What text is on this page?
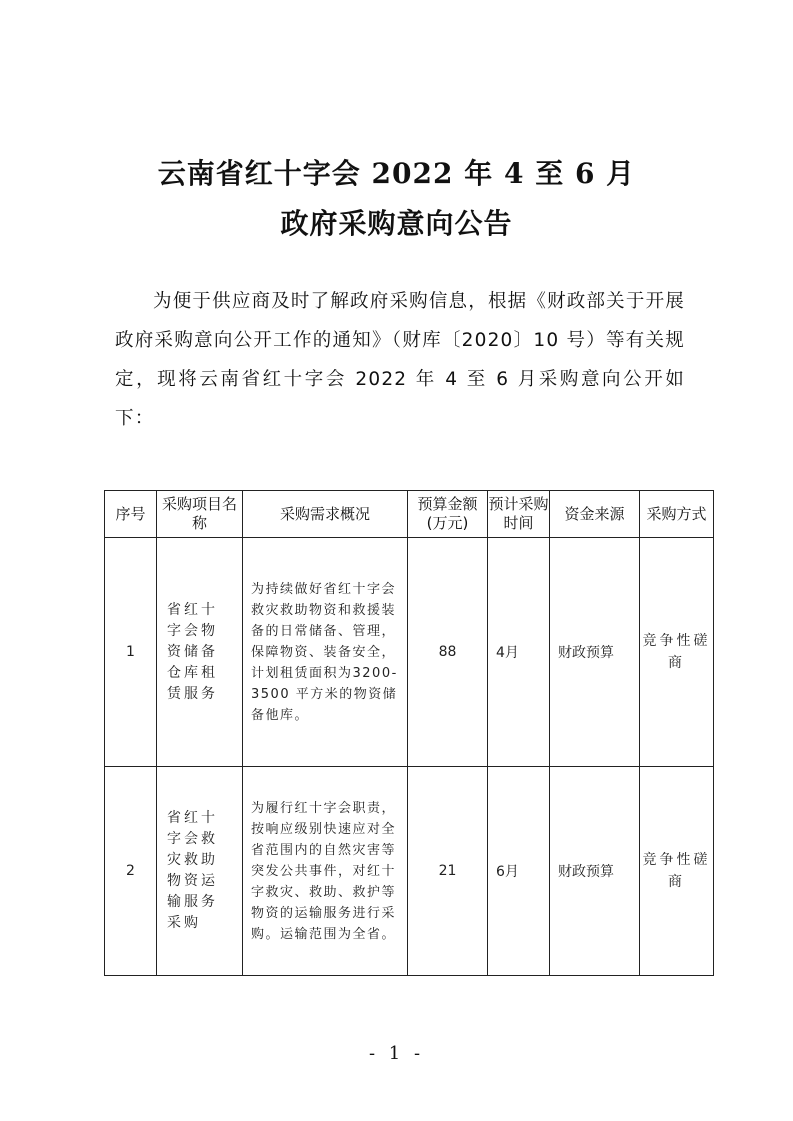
云南省红十字会 2022 年 4 至 6 月
政府采购意向公告

为便于供应商及时了解政府采购信息，根据《财政部关于开展政府采购意向公开工作的通知》（财库〔2020〕10 号）等有关规定，现将云南省红十字会 2022 年 4 至 6 月采购意向公开如下：

序号	采购项目名称	采购需求概况	预算金额(万元)	预计采购时间	资金来源	采购方式
1	省红十字会物资储备仓库租赁服务	为持续做好省红十字会救灾救助物资和救援装备的日常储备、管理，保障物资、装备安全，计划租赁面积为3200-3500 平方米的物资储备他库。	88	4月	财政预算	竞争性磋商
2	省红十字会救灾救助物资运输服务采购	为履行红十字会职责，按响应级别快速应对全省范围内的自然灾害等突发公共事件，对红十字救灾、救助、救护等物资的运输服务进行采购。运输范围为全省。	21	6月	财政预算	竞争性磋商
- 1 -
